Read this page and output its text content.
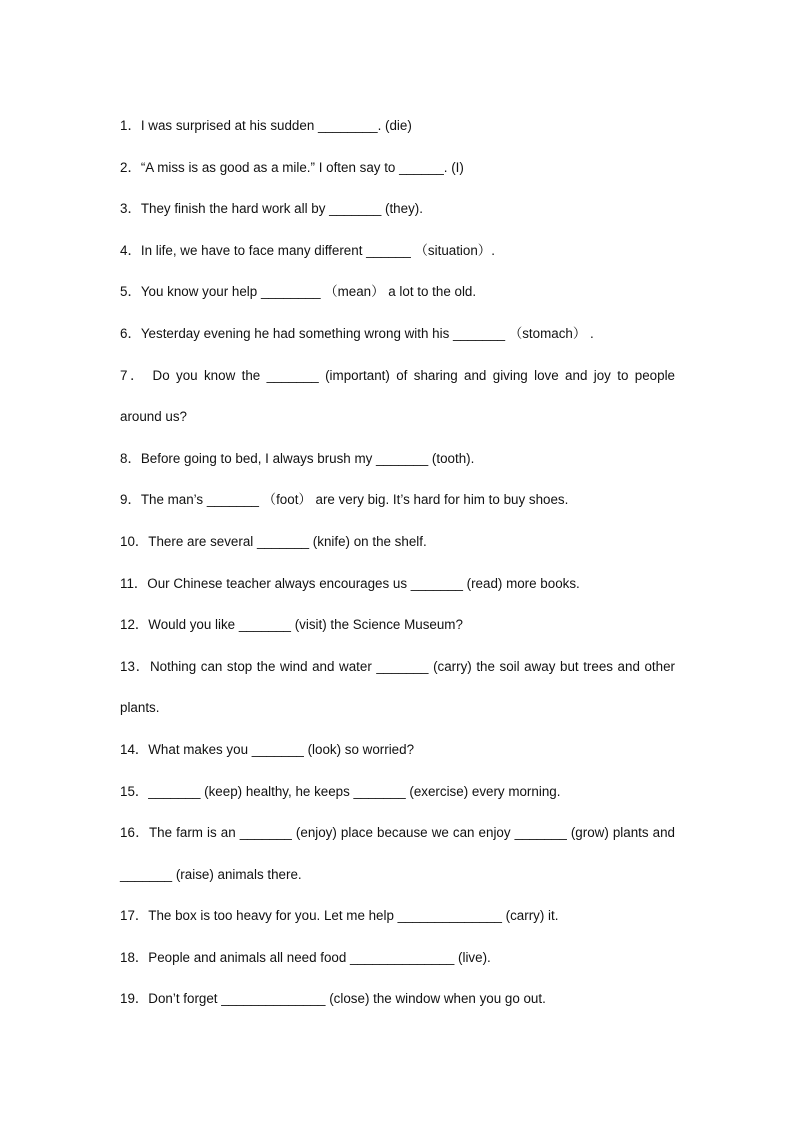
1．I was surprised at his sudden ________. (die)
2．“A miss is as good as a mile.” I often say to ______. (I)
3．They finish the hard work all by _______ (they).
4．In life, we have to face many different ______ （situation）.
5．You know your help ________ （mean） a lot to the old.
6．Yesterday evening he had something wrong with his _______ （stomach） .
7． Do you know the _______ (important) of sharing and giving love and joy to people around us?
8．Before going to bed, I always brush my _______ (tooth).
9．The man’s _______ （foot） are very big. It’s hard for him to buy shoes.
10．There are several _______ (knife) on the shelf.
11．Our Chinese teacher always encourages us _______ (read) more books.
12．Would you like _______ (visit) the Science Museum?
13．Nothing can stop the wind and water _______ (carry) the soil away but trees and other plants.
14．What makes you _______ (look) so worried?
15．_______ (keep) healthy, he keeps _______ (exercise) every morning.
16．The farm is an _______ (enjoy) place because we can enjoy _______ (grow) plants and _______ (raise) animals there.
17．The box is too heavy for you. Let me help ______________ (carry) it.
18．People and animals all need food ______________ (live).
19．Don’t forget ______________ (close) the window when you go out.
